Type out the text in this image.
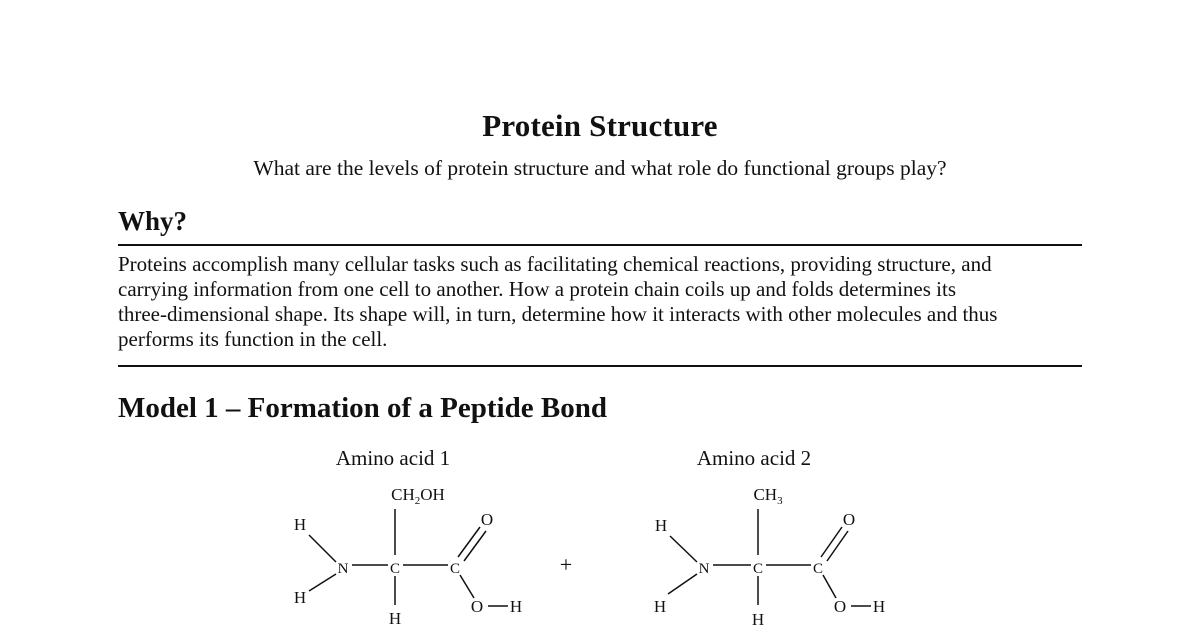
Protein Structure
What are the levels of protein structure and what role do functional groups play?
Why?
Proteins accomplish many cellular tasks such as facilitating chemical reactions, providing structure, and
carrying information from one cell to another. How a protein chain coils up and folds determines its
three-dimensional shape. Its shape will, in turn, determine how it interacts with other molecules and thus
performs its function in the cell.
Model 1 – Formation of a Peptide Bond
Amino acid 1
$CH_2OH$
H
N
H
C
H
C
O
O H
+
Amino acid 2
$CH_3$
H
N
H
C
H
C
O
O H
